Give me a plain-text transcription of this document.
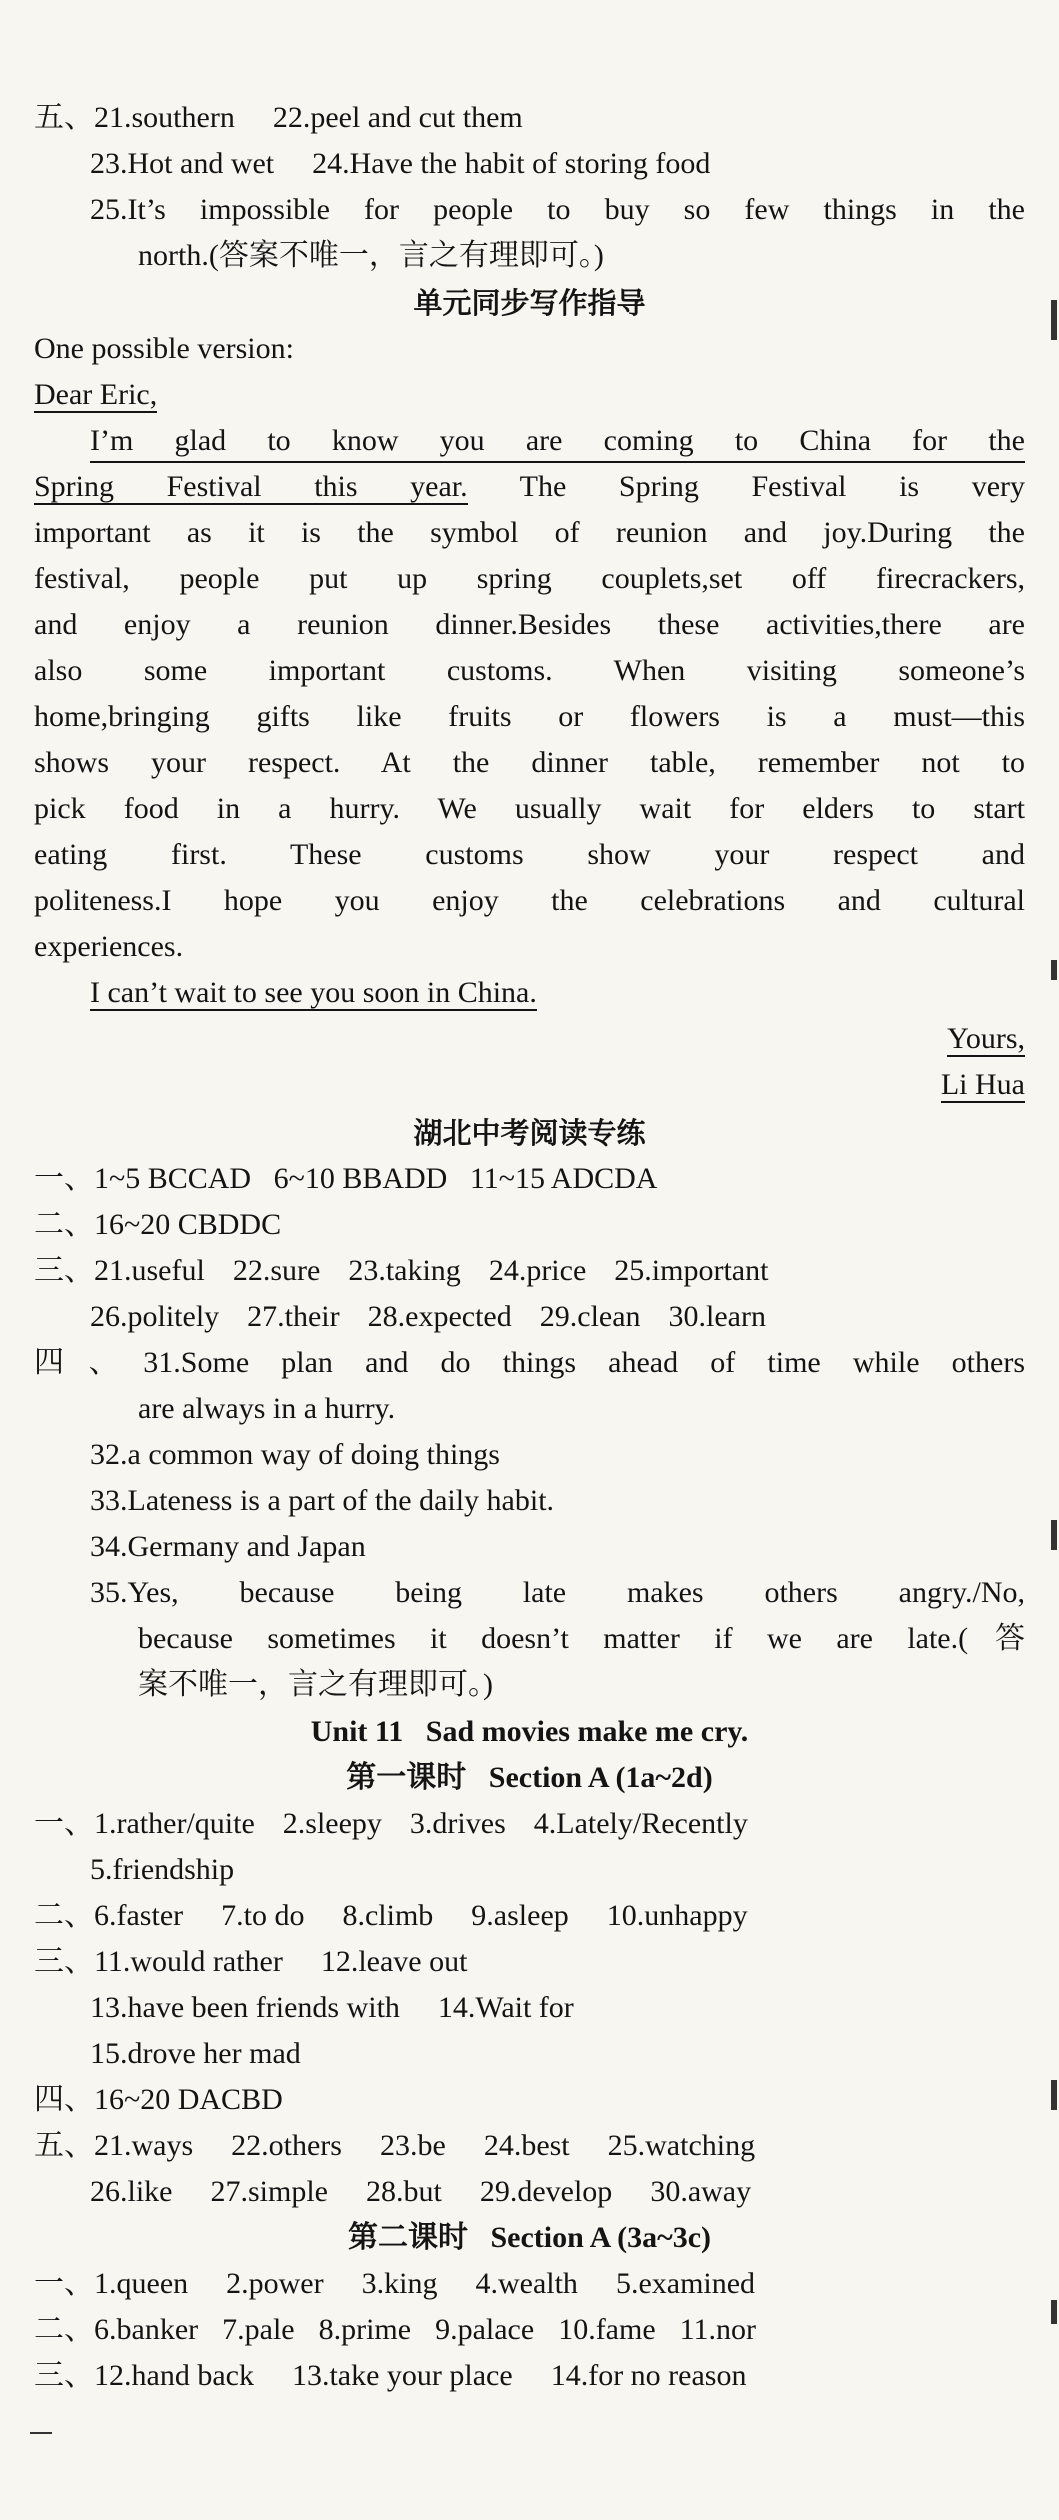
五、21.southern 22.peel and cut them
23.Hot and wet 24.Have the habit of storing food
25.It’s impossible for people to buy so few things in the
north.(答案不唯一，言之有理即可。)
单元同步写作指导
One possible version:
Dear Eric,
I’m glad to know you are coming to China for the
Spring Festival this year. The Spring Festival is very
important as it is the symbol of reunion and joy.During the
festival, people put up spring couplets,set off firecrackers,
and enjoy a reunion dinner.Besides these activities,there are
also some important customs. When visiting someone’s
home,bringing gifts like fruits or flowers is a must—this
shows your respect. At the dinner table, remember not to
pick food in a hurry. We usually wait for elders to start
eating first. These customs show your respect and
politeness.I hope you enjoy the celebrations and cultural
experiences.
I can’t wait to see you soon in China.
Yours,
Li Hua
湖北中考阅读专练
一、1~5 BCCAD   6~10 BBADD   11~15 ADCDA
二、16~20 CBDDC
三、21.useful 22.sure 23.taking 24.price 25.important
26.politely 27.their 28.expected 29.clean 30.learn
四、31.Some plan and do things ahead of time while others
are always in a hurry.
32.a common way of doing things
33.Lateness is a part of the daily habit.
34.Germany and Japan
35.Yes, because being late makes others angry./No,
because sometimes it doesn’t matter if we are late.(答
案不唯一，言之有理即可。)
Unit 11   Sad movies make me cry.
第一课时   Section A (1a~2d)
一、1.rather/quite 2.sleepy 3.drives 4.Lately/Recently
5.friendship
二、6.faster 7.to do 8.climb 9.asleep 10.unhappy
三、11.would rather 12.leave out
13.have been friends with 14.Wait for
15.drove her mad
四、16~20 DACBD
五、21.ways 22.others 23.be 24.best 25.watching
26.like 27.simple 28.but 29.develop 30.away
第二课时   Section A (3a~3c)
一、1.queen 2.power 3.king 4.wealth 5.examined
二、6.banker 7.pale 8.prime 9.palace 10.fame 11.nor
三、12.hand back 13.take your place 14.for no reason
